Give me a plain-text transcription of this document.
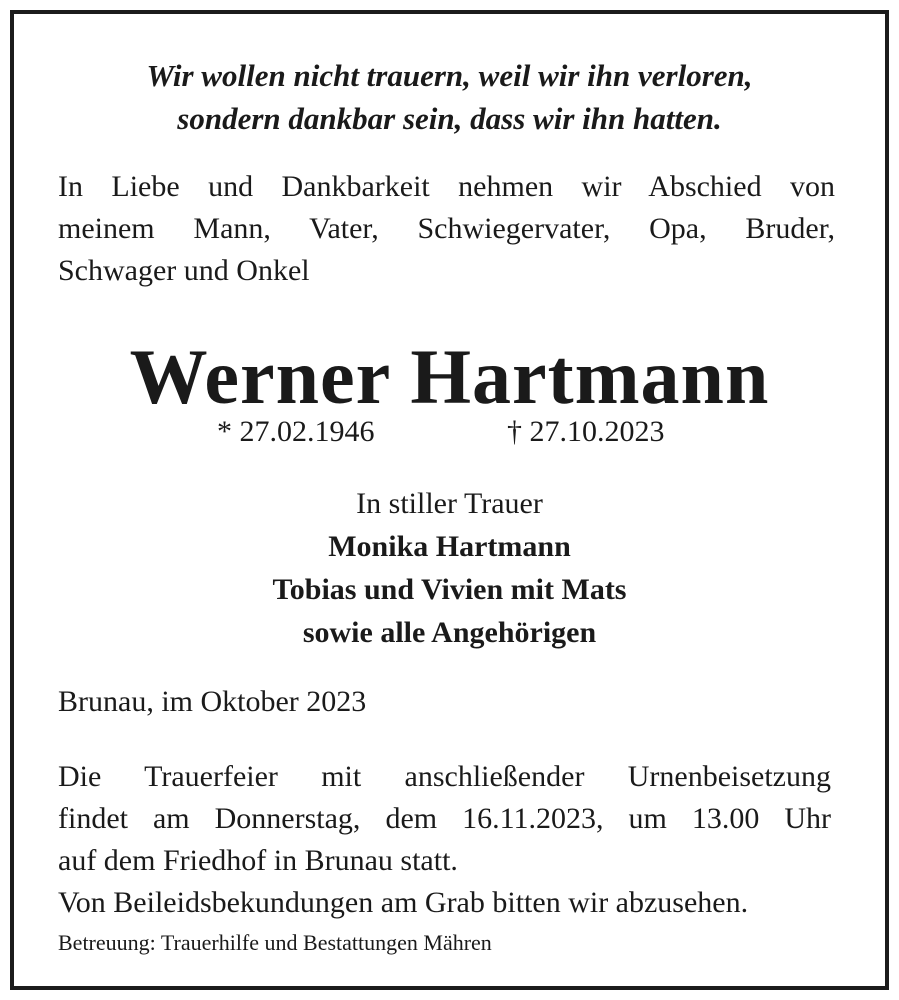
Wir wollen nicht trauern, weil wir ihn verloren,
sondern dankbar sein, dass wir ihn hatten.
In Liebe und Dankbarkeit nehmen wir Abschied von
meinem Mann, Vater, Schwiegervater, Opa, Bruder,
Schwager und Onkel
Werner Hartmann
* 27.02.1946	† 27.10.2023
In stiller Trauer
Monika Hartmann
Tobias und Vivien mit Mats
sowie alle Angehörigen
Brunau, im Oktober 2023
Die Trauerfeier mit anschließender Urnenbeisetzung
findet am Donnerstag, dem 16.11.2023, um 13.00 Uhr
auf dem Friedhof in Brunau statt.
Von Beileidsbekundungen am Grab bitten wir abzusehen.
Betreuung: Trauerhilfe und Bestattungen Mähren
